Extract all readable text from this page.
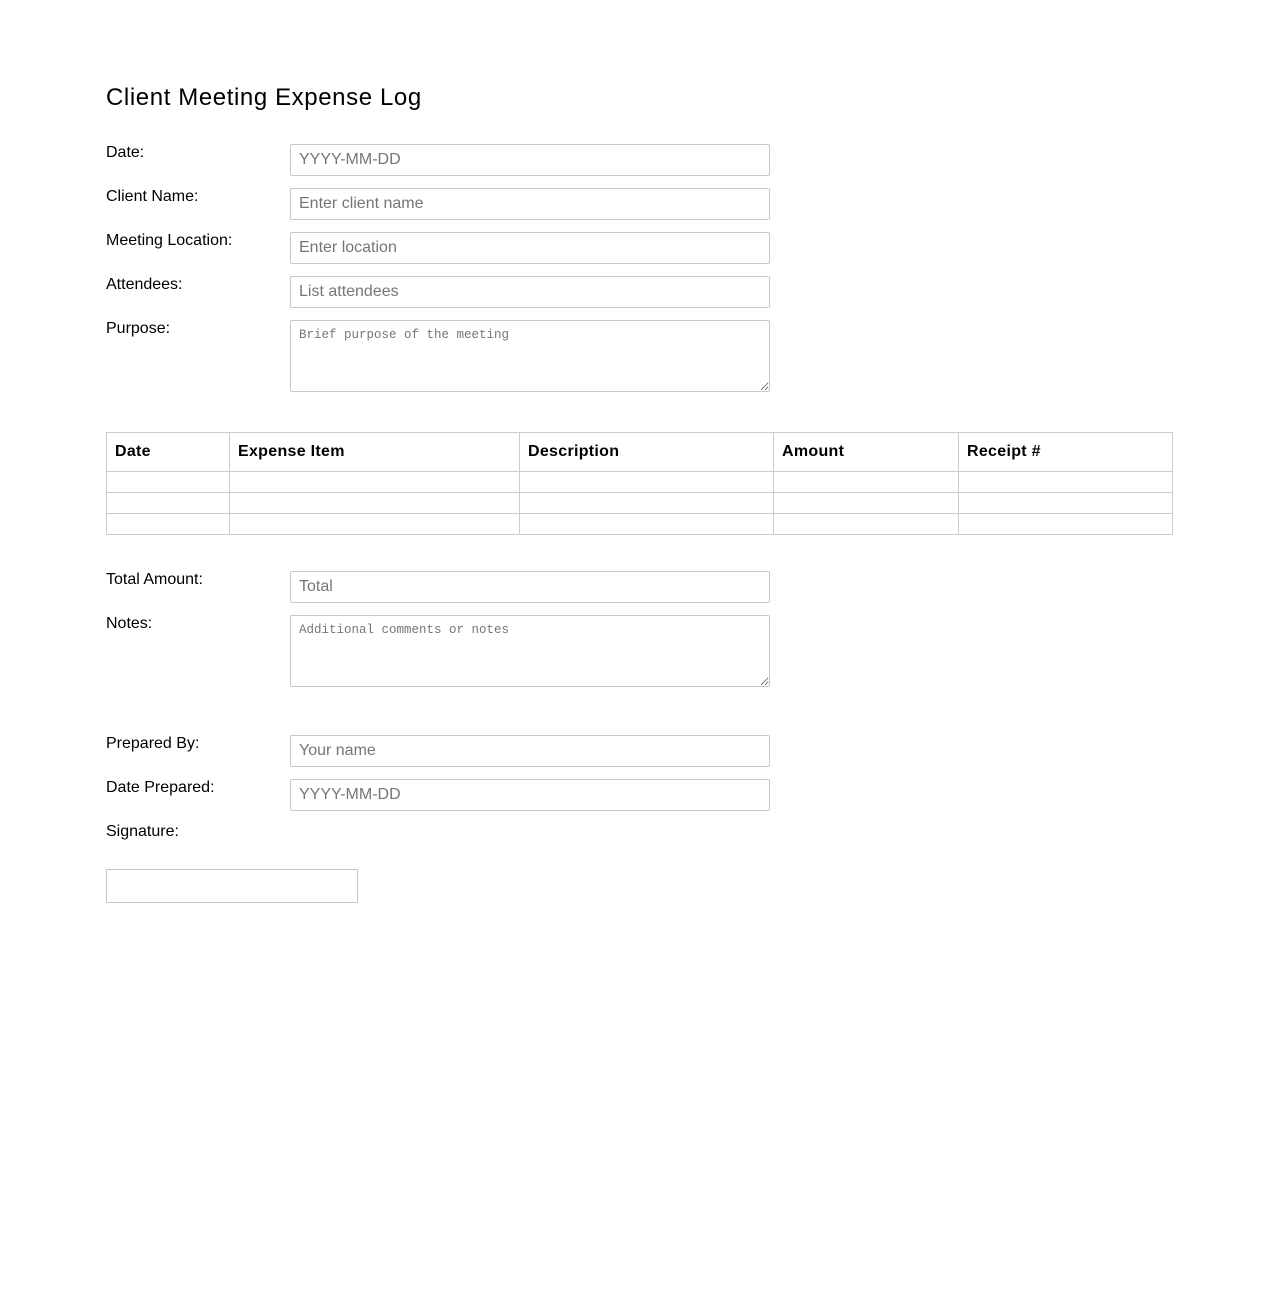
Client Meeting Expense Log
Date:
YYYY-MM-DD
Client Name:
Enter client name
Meeting Location:
Enter location
Attendees:
List attendees
Purpose:
Brief purpose of the meeting
Date	Expense Item	Description	Amount	Receipt #

Total Amount:
Total
Notes:
Additional comments or notes
Prepared By:
Your name
Date Prepared:
YYYY-MM-DD
Signature:
